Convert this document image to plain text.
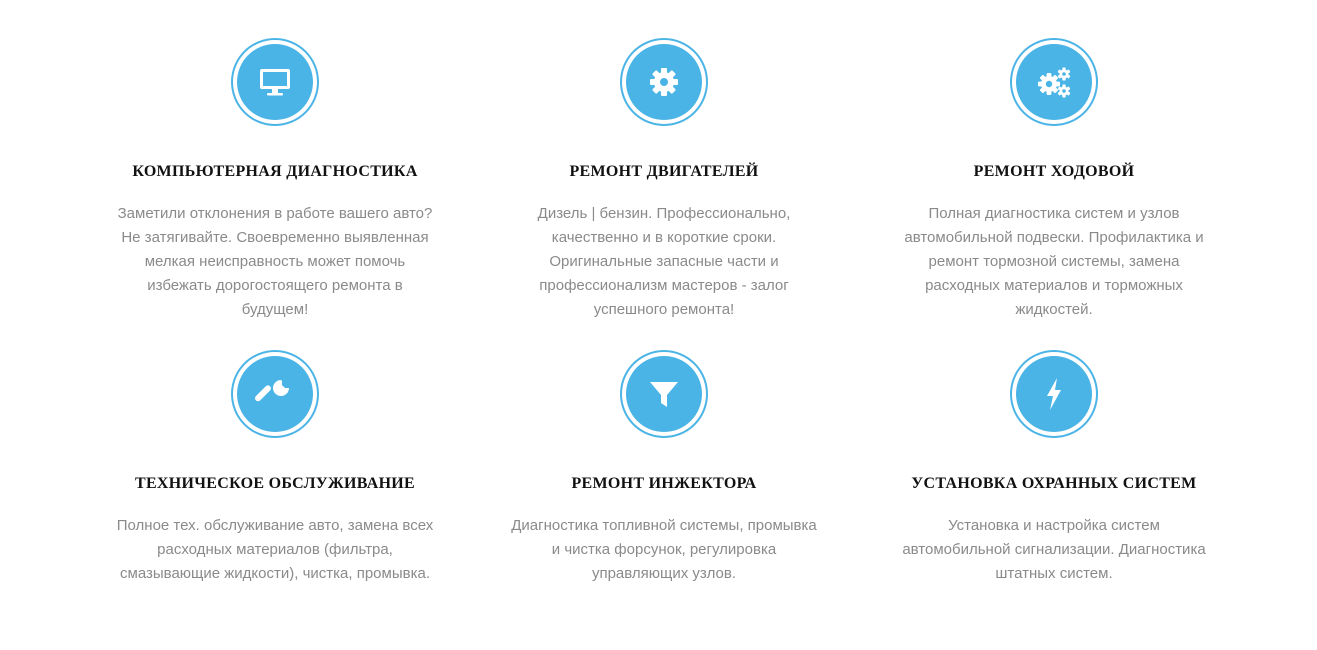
КОМПЬЮТЕРНАЯ ДИАГНОСТИКА
Заметили отклонения в работе вашего авто?
Не затягивайте. Своевременно выявленная
мелкая неисправность может помочь
избежать дорогостоящего ремонта в
будущем!
РЕМОНТ ДВИГАТЕЛЕЙ
Дизель | бензин. Профессионально,
качественно и в короткие сроки.
Оригинальные запасные части и
профессионализм мастеров - залог
успешного ремонта!
РЕМОНТ ХОДОВОЙ
Полная диагностика систем и узлов
автомобильной подвески. Профилактика и
ремонт тормозной системы, замена
расходных материалов и торможных
жидкостей.
ТЕХНИЧЕСКОЕ ОБСЛУЖИВАНИЕ
Полное тех. обслуживание авто, замена всех
расходных материалов (фильтра,
смазывающие жидкости), чистка, промывка.
РЕМОНТ ИНЖЕКТОРА
Диагностика топливной системы, промывка
и чистка форсунок, регулировка
управляющих узлов.
УСТАНОВКА ОХРАННЫХ СИСТЕМ
Установка и настройка систем
автомобильной сигнализации. Диагностика
штатных систем.
